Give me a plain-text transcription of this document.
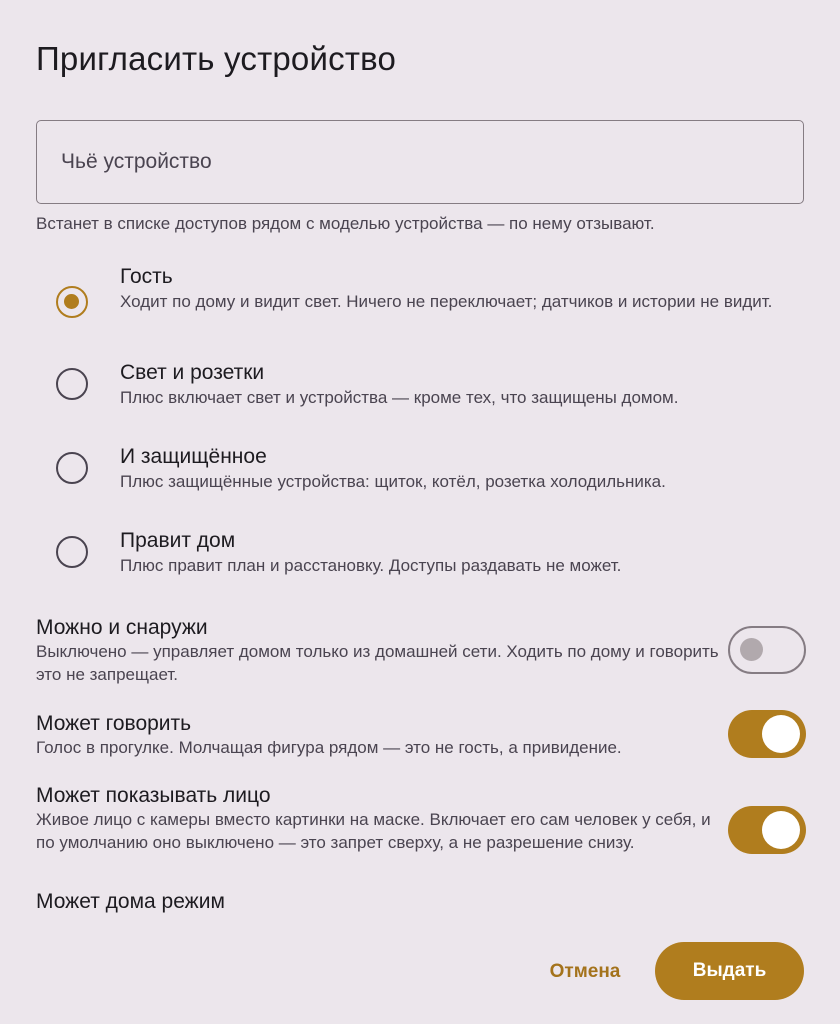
Пригласить устройство
Чьё устройство
Встанет в списке доступов рядом с моделью устройства — по нему отзывают.
Гость
Ходит по дому и видит свет. Ничего не переключает; датчиков и истории не видит.
Свет и розетки
Плюс включает свет и устройства — кроме тех, что защищены домом.
И защищённое
Плюс защищённые устройства: щиток, котёл, розетка холодильника.
Правит дом
Плюс правит план и расстановку. Доступы раздавать не может.
Можно и снаружи
Выключено — управляет домом только из домашней сети. Ходить по дому и говорить это не запрещает.
Может говорить
Голос в прогулке. Молчащая фигура рядом — это не гость, а привидение.
Может показывать лицо
Живое лицо с камеры вместо картинки на маске. Включает его сам человек у себя, и по умолчанию оно выключено — это запрет сверху, а не разрешение снизу.
Может дома режим
Отмена	Выдать
